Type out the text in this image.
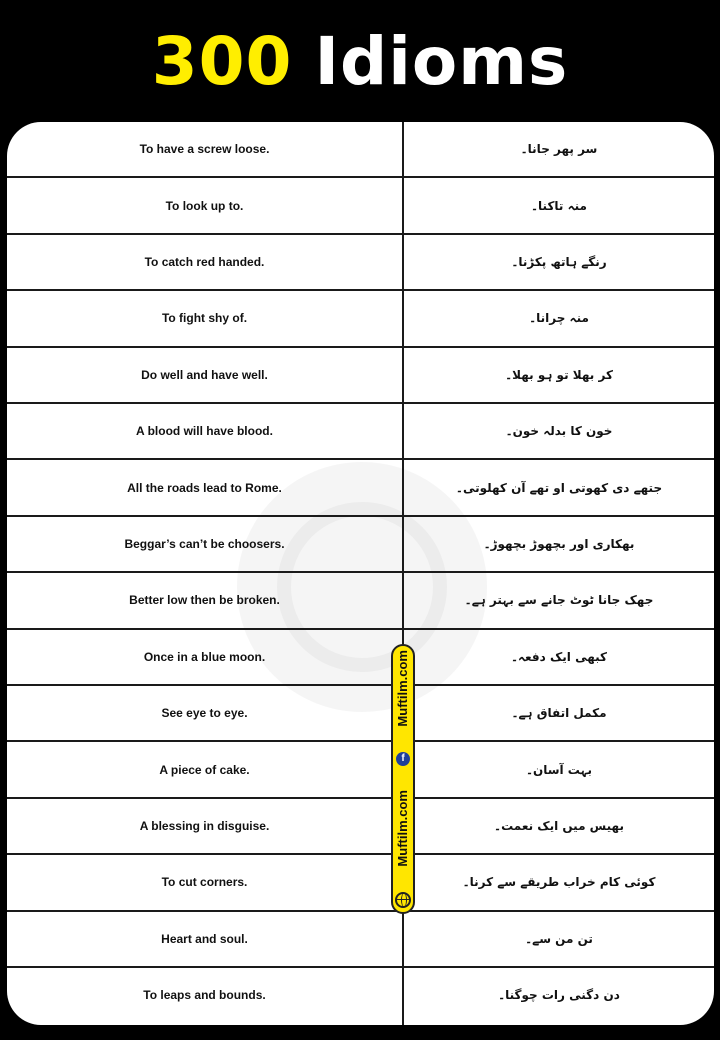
300 Idioms
To have a screw loose.	سر پھر جانا۔
To look up to.	منہ تاکنا۔
To catch red handed.	رنگے ہاتھ پکڑنا۔
To fight shy of.	منہ چرانا۔
Do well and have well.	کر بھلا تو ہو بھلا۔
A blood will have blood.	خون کا بدلہ خون۔
All the roads lead to Rome.	جتھے دی کھوتی او تھے آن کھلوتی۔
Beggar’s can’t be choosers.	بھکاری اور بچھوڑ بچھوڑ۔
Better low then be broken.	جھک جانا ٹوٹ جانے سے بہتر ہے۔
Once in a blue moon.	کبھی ایک دفعہ۔
See eye to eye.	مکمل اتفاق ہے۔
A piece of cake.	بہت آسان۔
A blessing in disguise.	بھیس میں ایک نعمت۔
To cut corners.	کوئی کام خراب طریقے سے کرنا۔
Heart and soul.	تن من سے۔
To leaps and bounds.	دن دگنی رات چوگنا۔
Muftilm.com
f
Muftilm.com
